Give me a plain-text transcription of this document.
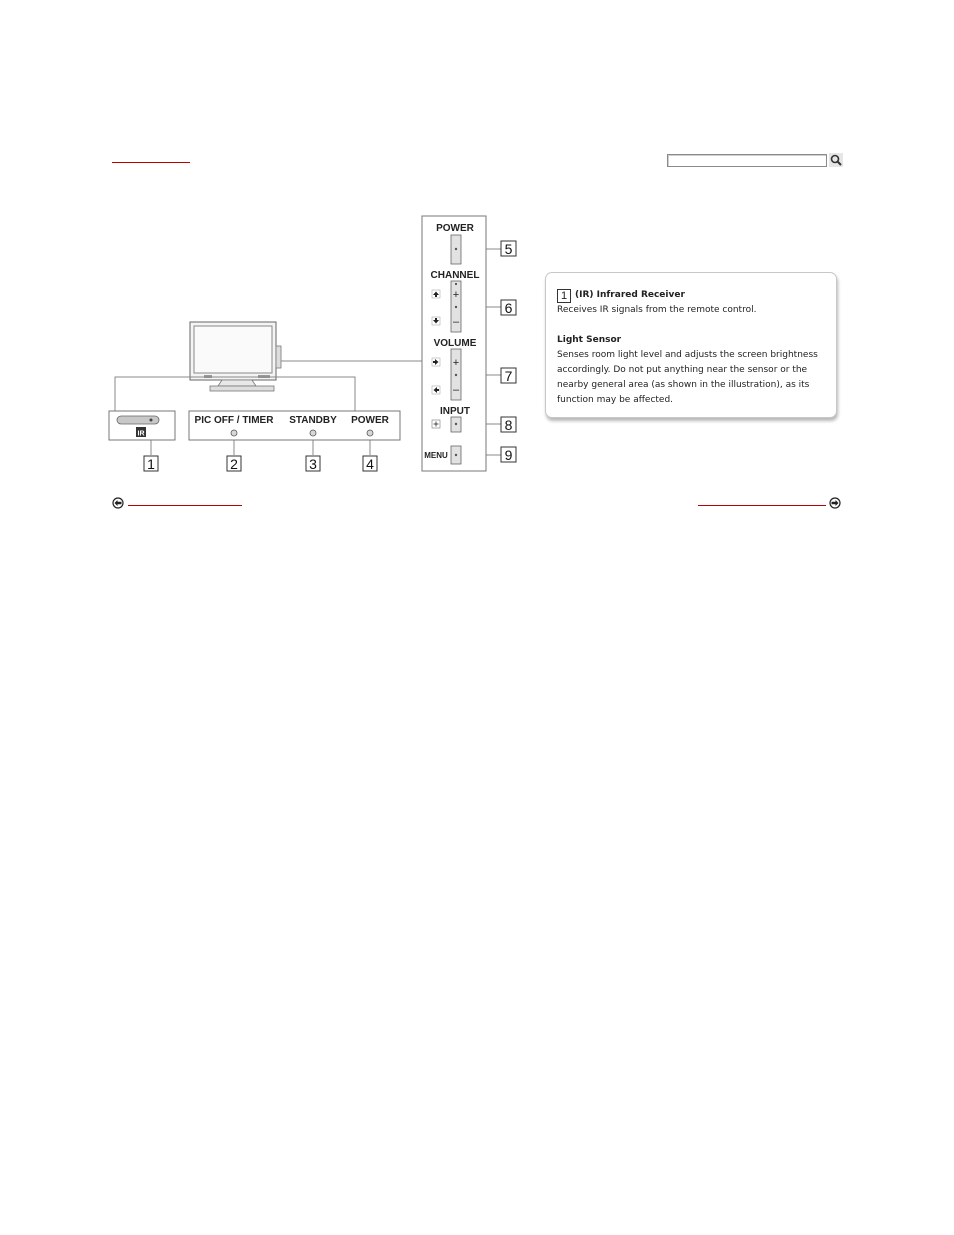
IR
PIC OFF / TIMER STANDBY POWER
POWER
CHANNEL
+
–
VOLUME
+
–
INPUT
MENU
1	2	3	4
5
6
7
8
9
1 (IR) Infrared Receiver
Receives IR signals from the remote control.
Light Sensor
Senses room light level and adjusts the screen brightness accordingly. Do not put anything near the sensor or the nearby general area (as shown in the illustration), as its function may be affected.
